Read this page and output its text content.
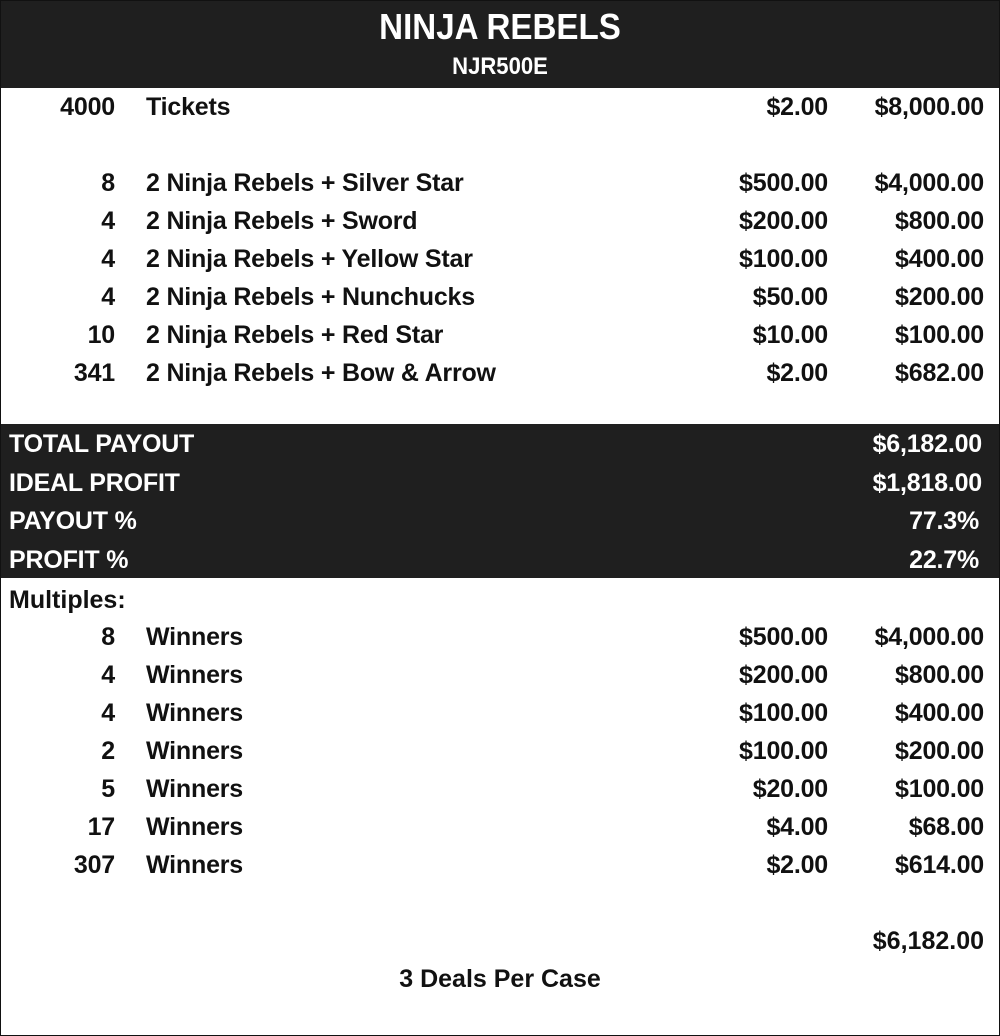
NINJA REBELS
NJR500E
4000 Tickets	$2.00	$8,000.00
8 2 Ninja Rebels + Silver Star	$500.00	$4,000.00
4 2 Ninja Rebels + Sword	$200.00	$800.00
4 2 Ninja Rebels + Yellow Star	$100.00	$400.00
4 2 Ninja Rebels + Nunchucks	$50.00	$200.00
10 2 Ninja Rebels + Red Star	$10.00	$100.00
341 2 Ninja Rebels + Bow & Arrow	$2.00	$682.00
TOTAL PAYOUT	$6,182.00
IDEAL PROFIT	$1,818.00
PAYOUT %	77.3%
PROFIT %	22.7%
Multiples:
8 Winners	$500.00	$4,000.00
4 Winners	$200.00	$800.00
4 Winners	$100.00	$400.00
2 Winners	$100.00	$200.00
5 Winners	$20.00	$100.00
17 Winners	$4.00	$68.00
307 Winners	$2.00	$614.00
$6,182.00
3 Deals Per Case
